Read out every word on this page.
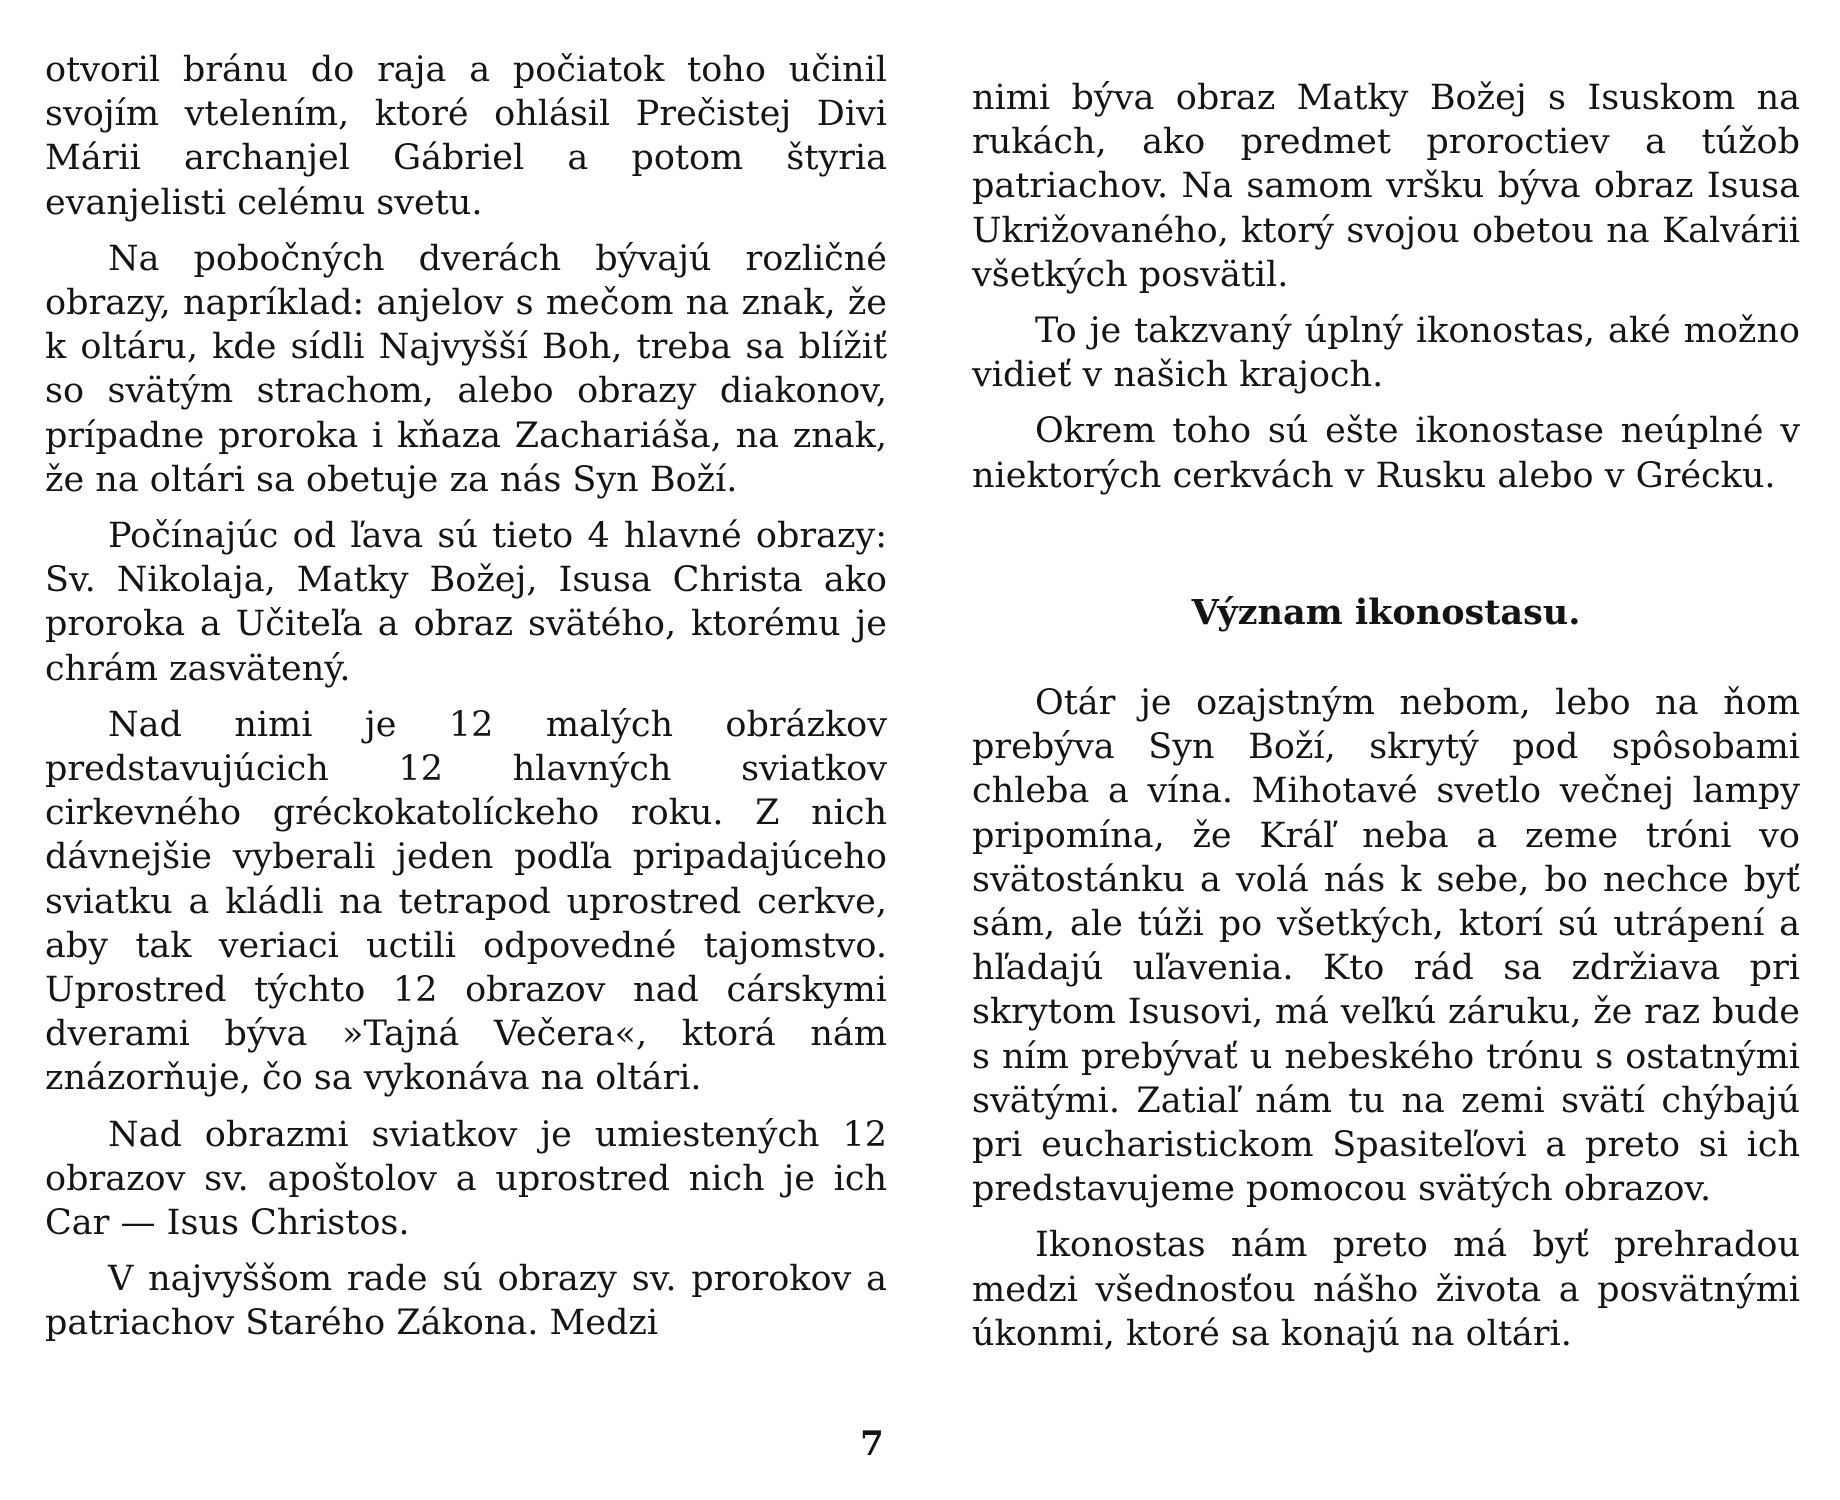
otvoril bránu do raja a počiatok toho učinil svojím vtelením, ktoré ohlásil Prečistej Divi Márii archanjel Gábriel a potom štyria evanjelisti celému svetu.

Na pobočných dverách bývajú rozličné obrazy, napríklad: anjelov s mečom na znak, že k oltáru, kde sídli Najvyšší Boh, treba sa blížiť so svätým strachom, alebo obrazy diakonov, prípadne proroka i kňaza Zachariáša, na znak, že na oltári sa obetuje za nás Syn Boží.

Počínajúc od ľava sú tieto 4 hlavné obrazy: Sv. Nikolaja, Matky Božej, Isusa Christa ako proroka a Učiteľa a obraz svätého, ktorému je chrám zasvätený.

Nad nimi je 12 malých obrázkov predstavujúcich 12 hlavných sviatkov cirkevného gréckokatolíckeho roku. Z nich dávnejšie vyberali jeden podľa pripadajúceho sviatku a kládli na tetrapod uprostred cerkve, aby tak veriaci uctili odpovedné tajomstvo. Uprostred týchto 12 obrazov nad cárskymi dverami býva »Tajná Večera«, ktorá nám znázorňuje, čo sa vykonáva na oltári.

Nad obrazmi sviatkov je umiestených 12 obrazov sv. apoštolov a uprostred nich je ich Car — Isus Christos.

V najvyššom rade sú obrazy sv. prorokov a patriachov Starého Zákona. Medzi

nimi býva obraz Matky Božej s Isuskom na rukách, ako predmet proroctiev a túžob patriachov. Na samom vršku býva obraz Isusa Ukrižovaného, ktorý svojou obetou na Kalvárii všetkých posvätil.

To je takzvaný úplný ikonostas, aké možno vidieť v našich krajoch.

Okrem toho sú ešte ikonostase neúplné v niektorých cerkvách v Rusku alebo v Grécku.

Význam ikonostasu.

Otár je ozajstným nebom, lebo na ňom prebýva Syn Boží, skrytý pod spôsobami chleba a vína. Mihotavé svetlo večnej lampy pripomína, že Kráľ neba a zeme tróni vo svätostánku a volá nás k sebe, bo nechce byť sám, ale túži po všetkých, ktorí sú utrápení a hľadajú uľavenia. Kto rád sa zdržiava pri skrytom Isusovi, má veľkú záruku, že raz bude s ním prebývať u nebeského trónu s ostatnými svätými. Zatiaľ nám tu na zemi svätí chýbajú pri eucharistickom Spasiteľovi a preto si ich predstavujeme pomocou svätých obrazov.

Ikonostas nám preto má byť prehradou medzi všednosťou nášho života a posvätnými úkonmi, ktoré sa konajú na oltári.

7
